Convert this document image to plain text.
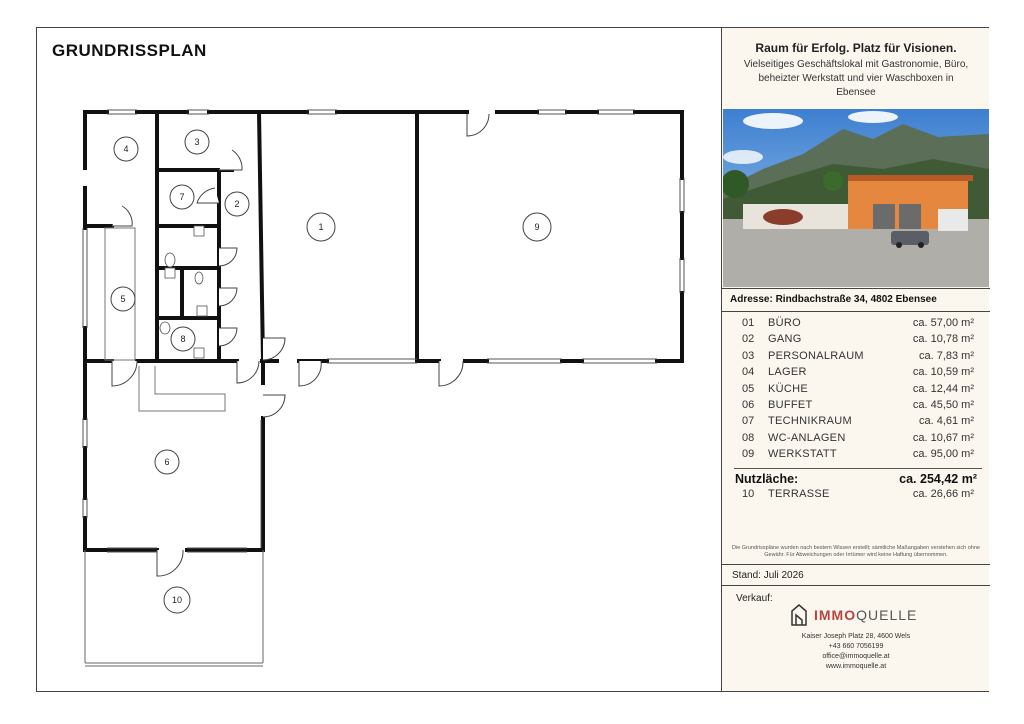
GRUNDRISSPLAN
1
2
3
4
5
6
7
8
9
10
Raum für Erfolg. Platz für Visionen.
Vielseitiges Geschäftslokal mit Gastronomie, Büro, beheizter Werkstatt und vier Waschboxen in Ebensee
Adresse: Rindbachstraße 34, 4802 Ebensee
01 BÜRO	ca. 57,00 m²
02 GANG	ca. 10,78 m²
03 PERSONALRAUM	ca. 7,83 m²
04 LAGER	ca. 10,59 m²
05 KÜCHE	ca. 12,44 m²
06 BUFFET	ca. 45,50 m²
07 TECHNIKRAUM	ca. 4,61 m²
08 WC-ANLAGEN	ca. 10,67 m²
09 WERKSTATT	ca. 95,00 m²
Nutzläche:	ca. 254,42 m²
10 TERRASSE	ca. 26,66 m²
Die Grundrisspläne wurden nach bestem Wissen erstellt; sämtliche Maßangaben verstehen sich ohne Gewähr. Für Abweichungen oder Irrtümer wird keine Haftung übernommen.
Stand: Juli 2026
Verkauf:
IMMOQUELLE
Kaiser Joseph Platz 28, 4600 Wels
+43 660 7056199
office@immoquelle.at
www.immoquelle.at
